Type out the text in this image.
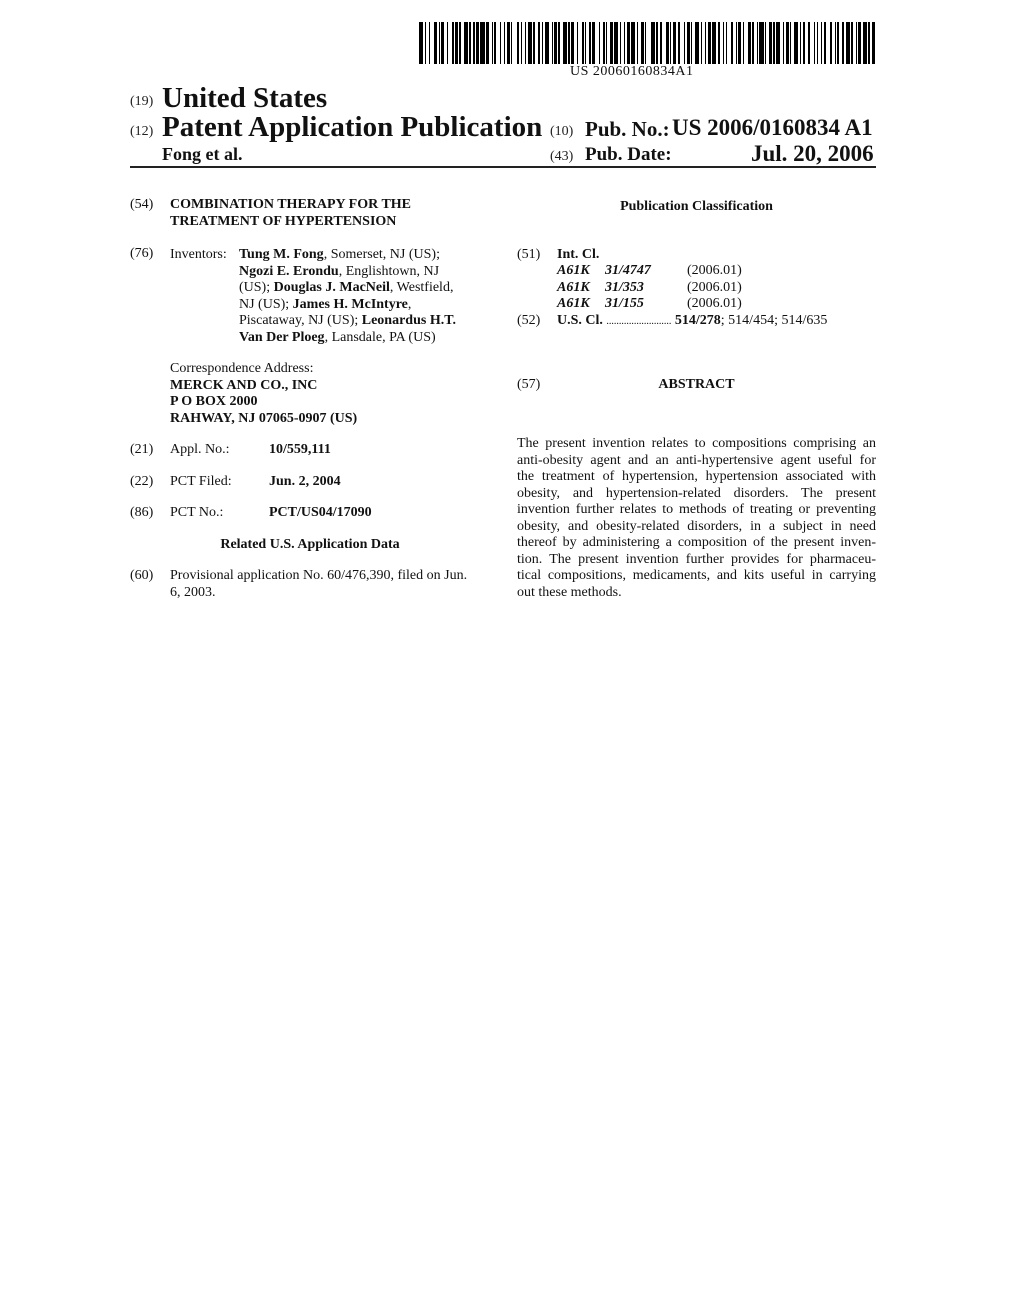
US 20060160834A1
(19) United States
(12) Patent Application Publication (10) Pub. No.: US 2006/0160834 A1
Fong et al.	(43) Pub. Date:	Jul. 20, 2006
(54) COMBINATION THERAPY FOR THE
TREATMENT OF HYPERTENSION
(76) Inventors: Tung M. Fong, Somerset, NJ (US);
Ngozi E. Erondu, Englishtown, NJ
(US); Douglas J. MacNeil, Westfield,
NJ (US); James H. McIntyre,
Piscataway, NJ (US); Leonardus H.T.
Van Der Ploeg, Lansdale, PA (US)
Correspondence Address:
MERCK AND CO., INC
P O BOX 2000
RAHWAY, NJ 07065-0907 (US)
(21) Appl. No.:	10/559,111
(22) PCT Filed:	Jun. 2, 2004
(86) PCT No.:	PCT/US04/17090
Related U.S. Application Data
(60) Provisional application No. 60/476,390, filed on Jun.
6, 2003.
Publication Classification
(51) Int. Cl.
A61K 31/4747	(2006.01)
A61K 31/353	(2006.01)
A61K 31/155	(2006.01)
(52) U.S. Cl. .......................... 514/278; 514/454; 514/635
(57)	ABSTRACT
The present invention relates to compositions comprising an
anti-obesity agent and an anti-hypertensive agent useful for
the treatment of hypertension, hypertension associated with
obesity, and hypertension-related disorders. The present
invention further relates to methods of treating or preventing
obesity, and obesity-related disorders, in a subject in need
thereof by administering a composition of the present inven-
tion. The present invention further provides for pharmaceu-
tical compositions, medicaments, and kits useful in carrying
out these methods.
